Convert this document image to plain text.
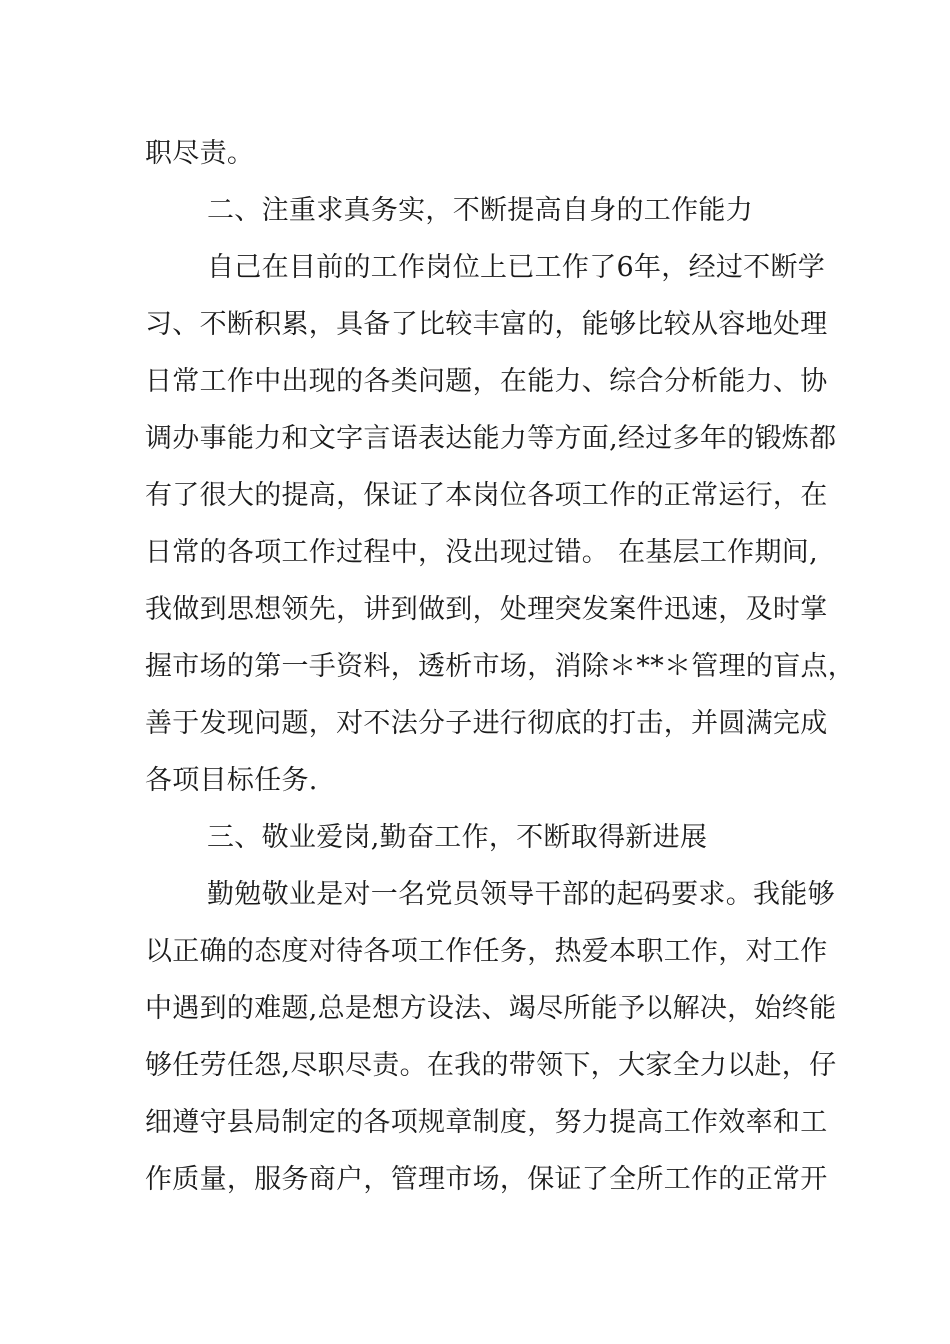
职尽责。

二、注重求真务实，不断提高自身的工作能力

自己在目前的工作岗位上已工作了6年，经过不断学

习、不断积累，具备了比较丰富的，能够比较从容地处理

日常工作中出现的各类问题，在能力、综合分析能力、协

调办事能力和文字言语表达能力等方面,经过多年的锻炼都

有了很大的提高，保证了本岗位各项工作的正常运行，在

日常的各项工作过程中，没出现过错。 在基层工作期间,

我做到思想领先，讲到做到，处理突发案件迅速，及时掌

握市场的第一手资料，透析市场，消除＊**＊管理的盲点，

善于发现问题，对不法分子进行彻底的打击，并圆满完成

各项目标任务.

三、敬业爱岗,勤奋工作，不断取得新进展

勤勉敬业是对一名党员领导干部的起码要求。我能够

以正确的态度对待各项工作任务，热爱本职工作，对工作

中遇到的难题,总是想方设法、竭尽所能予以解决，始终能

够任劳任怨,尽职尽责。在我的带领下，大家全力以赴，仔

细遵守县局制定的各项规章制度，努力提高工作效率和工

作质量，服务商户，管理市场，保证了全所工作的正常开
